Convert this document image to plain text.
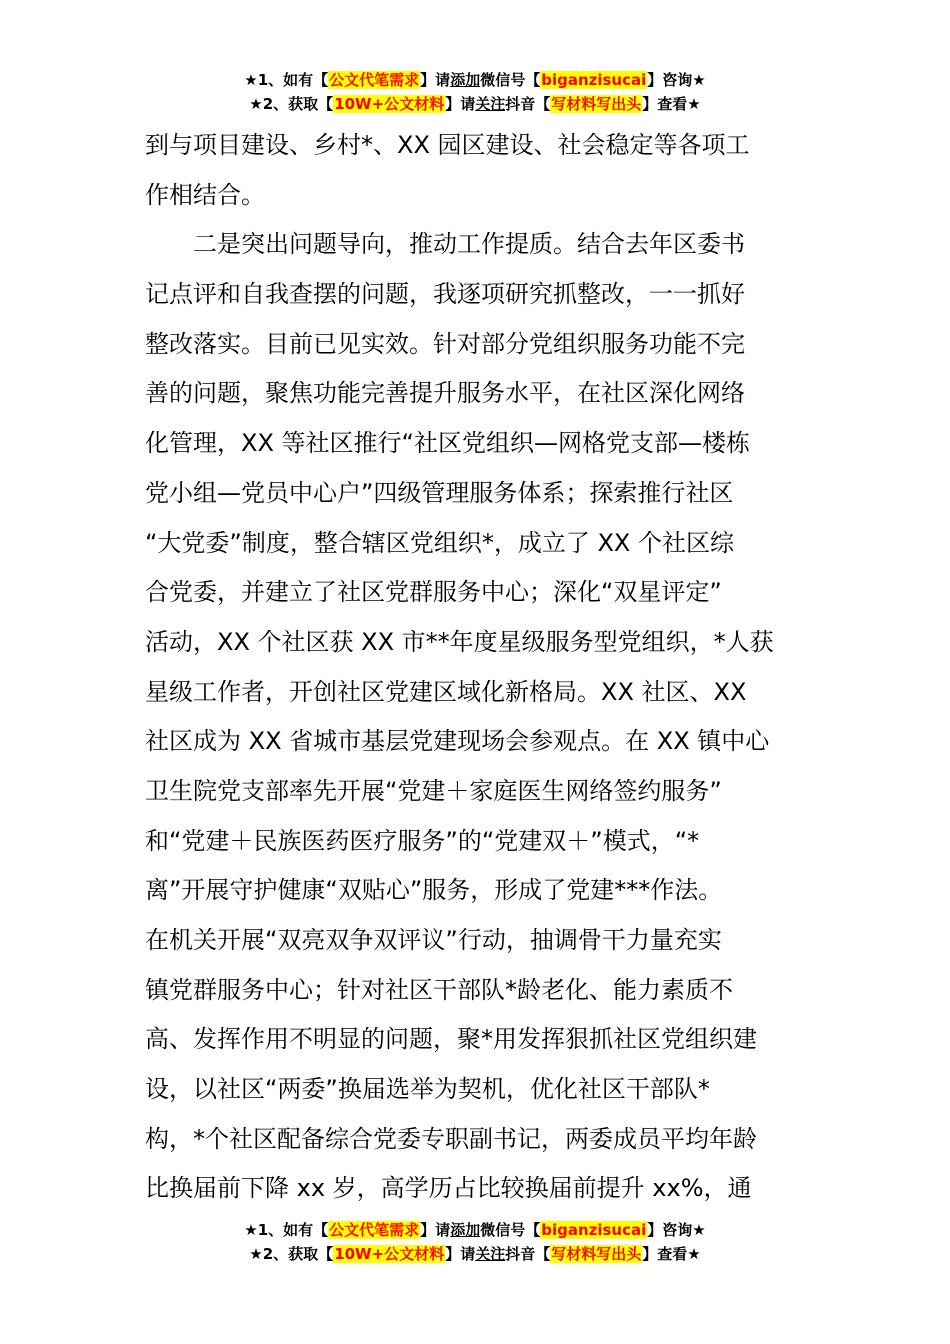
★1、如有【公文代笔需求】请添加微信号【biganzisucai】咨询★
★2、获取【10W+公文材料】请关注抖音【写材料写出头】查看★
到与项目建设、乡村*、XX 园区建设、社会稳定等各项工
作相结合。
　　二是突出问题导向，推动工作提质。结合去年区委书
记点评和自我查摆的问题，我逐项研究抓整改，一一抓好
整改落实。目前已见实效。针对部分党组织服务功能不完
善的问题，聚焦功能完善提升服务水平，在社区深化网络
化管理，XX 等社区推行“社区党组织—网格党支部—楼栋
党小组—党员中心户”四级管理服务体系；探索推行社区
“大党委”制度，整合辖区党组织*，成立了 XX 个社区综
合党委，并建立了社区党群服务中心；深化“双星评定”
活动，XX 个社区获 XX 市**年度星级服务型党组织，*人获
星级工作者，开创社区党建区域化新格局。XX 社区、XX
社区成为 XX 省城市基层党建现场会参观点。在 XX 镇中心
卫生院党支部率先开展“党建＋家庭医生网络签约服务”
和“党建＋民族医药医疗服务”的“党建双＋”模式，“*
离”开展守护健康“双贴心”服务，形成了党建***作法。
在机关开展“双亮双争双评议”行动，抽调骨干力量充实
镇党群服务中心；针对社区干部队*龄老化、能力素质不
高、发挥作用不明显的问题，聚*用发挥狠抓社区党组织建
设，以社区“两委”换届选举为契机，优化社区干部队*
构，*个社区配备综合党委专职副书记，两委成员平均年龄
比换届前下降 xx 岁，高学历占比较换届前提升 xx%，通
★1、如有【公文代笔需求】请添加微信号【biganzisucai】咨询★
★2、获取【10W+公文材料】请关注抖音【写材料写出头】查看★
